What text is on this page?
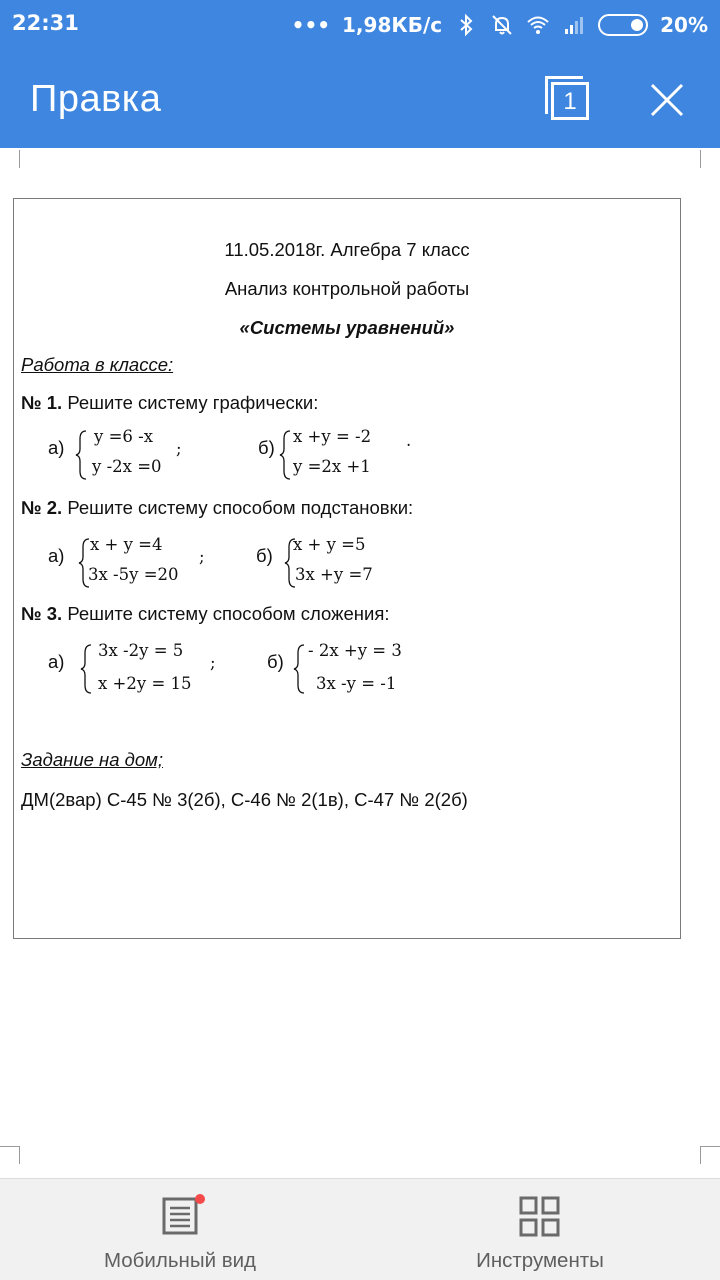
22:31	••• 1,98КБ/с	20%
Правка	1
11.05.2018г. Алгебра 7 класс
Анализ контрольной работы
«Системы уравнений»
Работа в классе:
№ 1. Решите систему графически:
а)
y =6 -x
y -2x =0
;	б)
x +y = -2
y =2x +1
.
№ 2. Решите систему способом подстановки:
а)
x + y =4
3x -5y =20
;	б)
x + y =5
3x +y =7
№ 3. Решите систему способом сложения:
а)
3x -2y = 5
x +2y = 15
;	б)
- 2x +y = 3
3x -y = -1
Задание на дом;
ДМ(2вар) С-45 № 3(2б), С-46 № 2(1в), С-47 № 2(2б)
Мобильный вид	Инструменты
